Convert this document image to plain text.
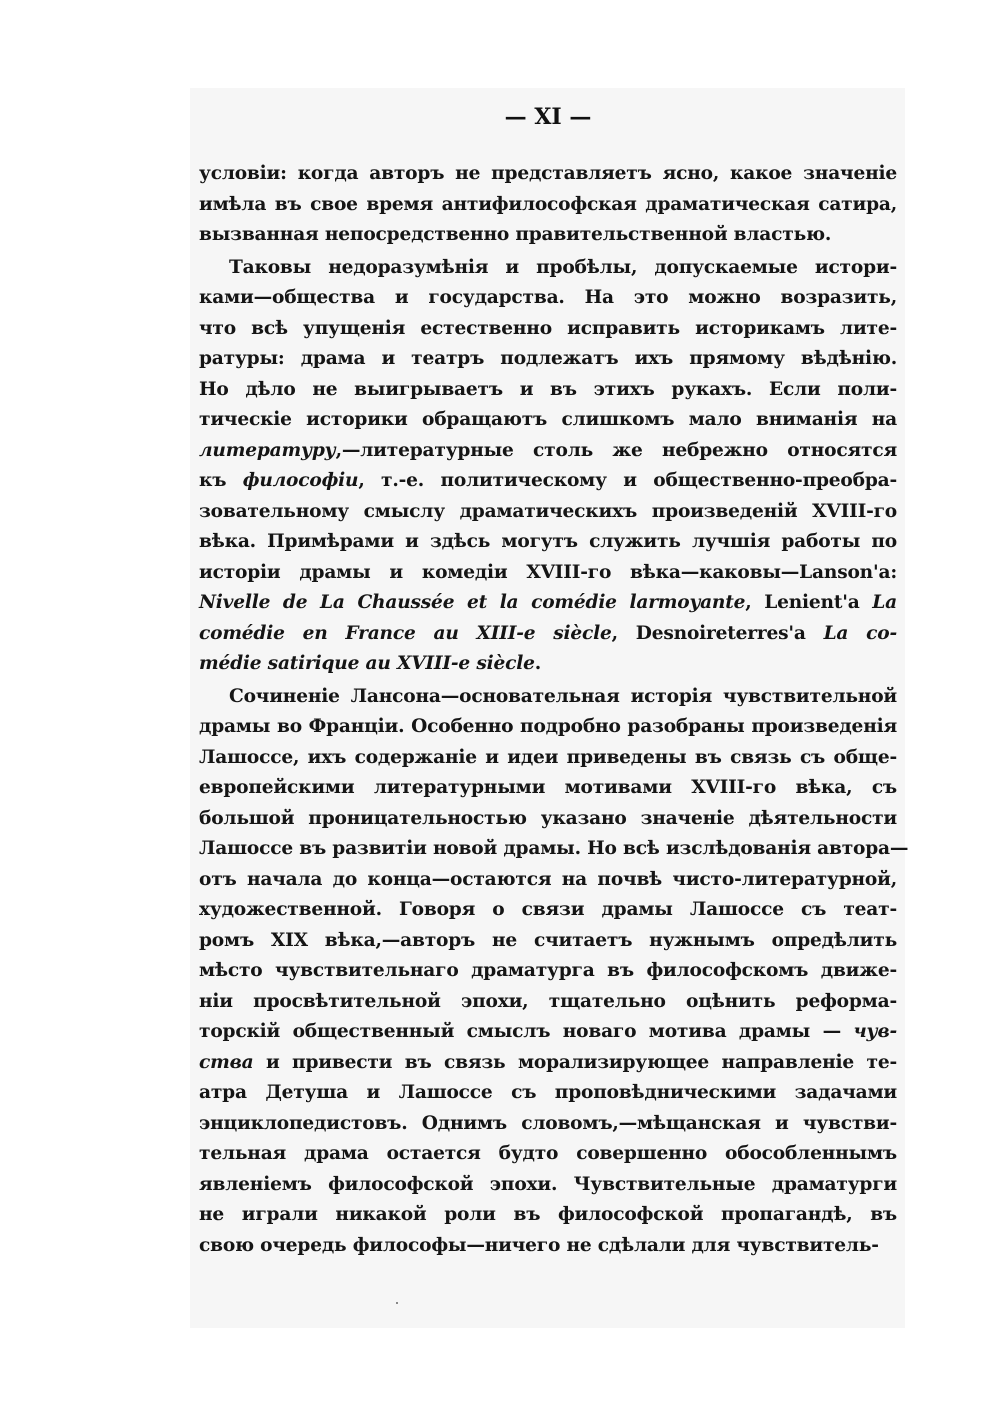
— XI —
условiи: когда авторъ не представляетъ ясно, какое значенiе
имѣла въ свое время антифилософская драматическая сатира,
вызванная непосредственно правительственной властью.
Таковы недоразумѣнiя и пробѣлы, допускаемые истори-
ками—общества и государства. На это можно возразить,
что всѣ упущенiя естественно исправить историкамъ лите-
ратуры: драма и театръ подлежатъ ихъ прямому вѣдѣнiю.
Но дѣло не выигрываетъ и въ этихъ рукахъ. Если поли-
тическiе историки обращаютъ слишкомъ мало вниманiя на
литературу,—литературные столь же небрежно относятся
къ философiи, т.-е. политическому и общественно-преобра-
зовательному смыслу драматическихъ произведенiй XVIII-го
вѣка. Примѣрами и здѣсь могутъ служить лучшiя работы по
исторiи драмы и комедiи XVIII-го вѣка—каковы—Lanson'а:
Nivelle de La Chaussée et la comédie larmoyante, Lenient'а La
comédie en France au XIII-e siècle, Desnoireterres'а La co-
médie satirique au XVIII-e siècle.
Сочиненiе Лансона—основательная исторiя чувствительной
драмы во Францiи. Особенно подробно разобраны произведенiя
Лашоссе, ихъ содержанiе и идеи приведены въ связь съ обще-
европейскими литературными мотивами XVIII-го вѣка, съ
большой проницательностью указано значенiе дѣятельности
Лашоссе въ развитiи новой драмы. Но всѣ изслѣдованiя автора—
отъ начала до конца—остаются на почвѣ чисто-литературной,
художественной. Говоря о связи драмы Лашоссе съ теат-
ромъ XIX вѣка,—авторъ не считаетъ нужнымъ опредѣлить
мѣсто чувствительнаго драматурга въ философскомъ движе-
нiи просвѣтительной эпохи, тщательно оцѣнить реформа-
торскiй общественный смыслъ новаго мотива драмы — чув-
ства и привести въ связь морализирующее направленiе те-
атра Детуша и Лашоссе съ проповѣдническими задачами
энциклопедистовъ. Однимъ словомъ,—мѣщанская и чувстви-
тельная драма остается будто совершенно обособленнымъ
явленiемъ философской эпохи. Чувствительные драматурги
не играли никакой роли въ философской пропагандѣ, въ
свою очередь философы—ничего не сдѣлали для чувствитель-
